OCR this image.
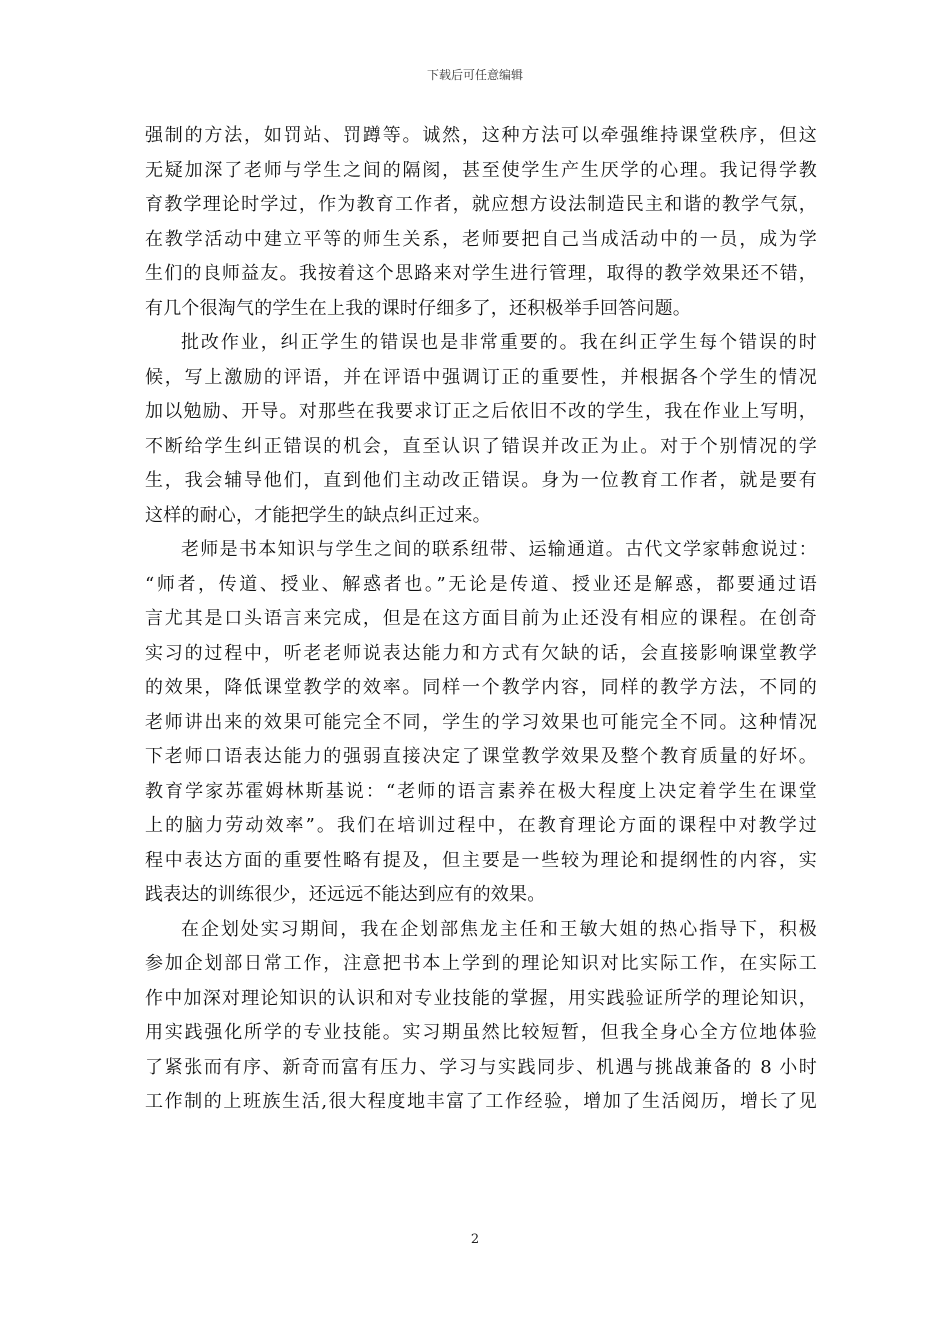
下载后可任意编辑
强制的方法，如罚站、罚蹲等。诚然，这种方法可以牵强维持课堂秩序，但这
无疑加深了老师与学生之间的隔阂，甚至使学生产生厌学的心理。我记得学教
育教学理论时学过，作为教育工作者，就应想方设法制造民主和谐的教学气氛，
在教学活动中建立平等的师生关系，老师要把自己当成活动中的一员，成为学
生们的良师益友。我按着这个思路来对学生进行管理，取得的教学效果还不错，
有几个很淘气的学生在上我的课时仔细多了，还积极举手回答问题。
批改作业，纠正学生的错误也是非常重要的。我在纠正学生每个错误的时
候，写上激励的评语，并在评语中强调订正的重要性，并根据各个学生的情况
加以勉励、开导。对那些在我要求订正之后依旧不改的学生，我在作业上写明，
不断给学生纠正错误的机会，直至认识了错误并改正为止。对于个别情况的学
生，我会辅导他们，直到他们主动改正错误。身为一位教育工作者，就是要有
这样的耐心，才能把学生的缺点纠正过来。
老师是书本知识与学生之间的联系纽带、运输通道。古代文学家韩愈说过：
“师者，传道、授业、解惑者也。”无论是传道、授业还是解惑，都要通过语
言尤其是口头语言来完成，但是在这方面目前为止还没有相应的课程。在创奇
实习的过程中，听老老师说表达能力和方式有欠缺的话，会直接影响课堂教学
的效果，降低课堂教学的效率。同样一个教学内容，同样的教学方法，不同的
老师讲出来的效果可能完全不同，学生的学习效果也可能完全不同。这种情况
下老师口语表达能力的强弱直接决定了课堂教学效果及整个教育质量的好坏。
教育学家苏霍姆林斯基说：“老师的语言素养在极大程度上决定着学生在课堂
上的脑力劳动效率”。我们在培训过程中，在教育理论方面的课程中对教学过
程中表达方面的重要性略有提及，但主要是一些较为理论和提纲性的内容，实
践表达的训练很少，还远远不能达到应有的效果。
在企划处实习期间，我在企划部焦龙主任和王敏大姐的热心指导下，积极
参加企划部日常工作，注意把书本上学到的理论知识对比实际工作，在实际工
作中加深对理论知识的认识和对专业技能的掌握，用实践验证所学的理论知识，
用实践强化所学的专业技能。实习期虽然比较短暂，但我全身心全方位地体验
了紧张而有序、新奇而富有压力、学习与实践同步、机遇与挑战兼备的 8 小时
工作制的上班族生活,很大程度地丰富了工作经验，增加了生活阅历，增长了见
2
